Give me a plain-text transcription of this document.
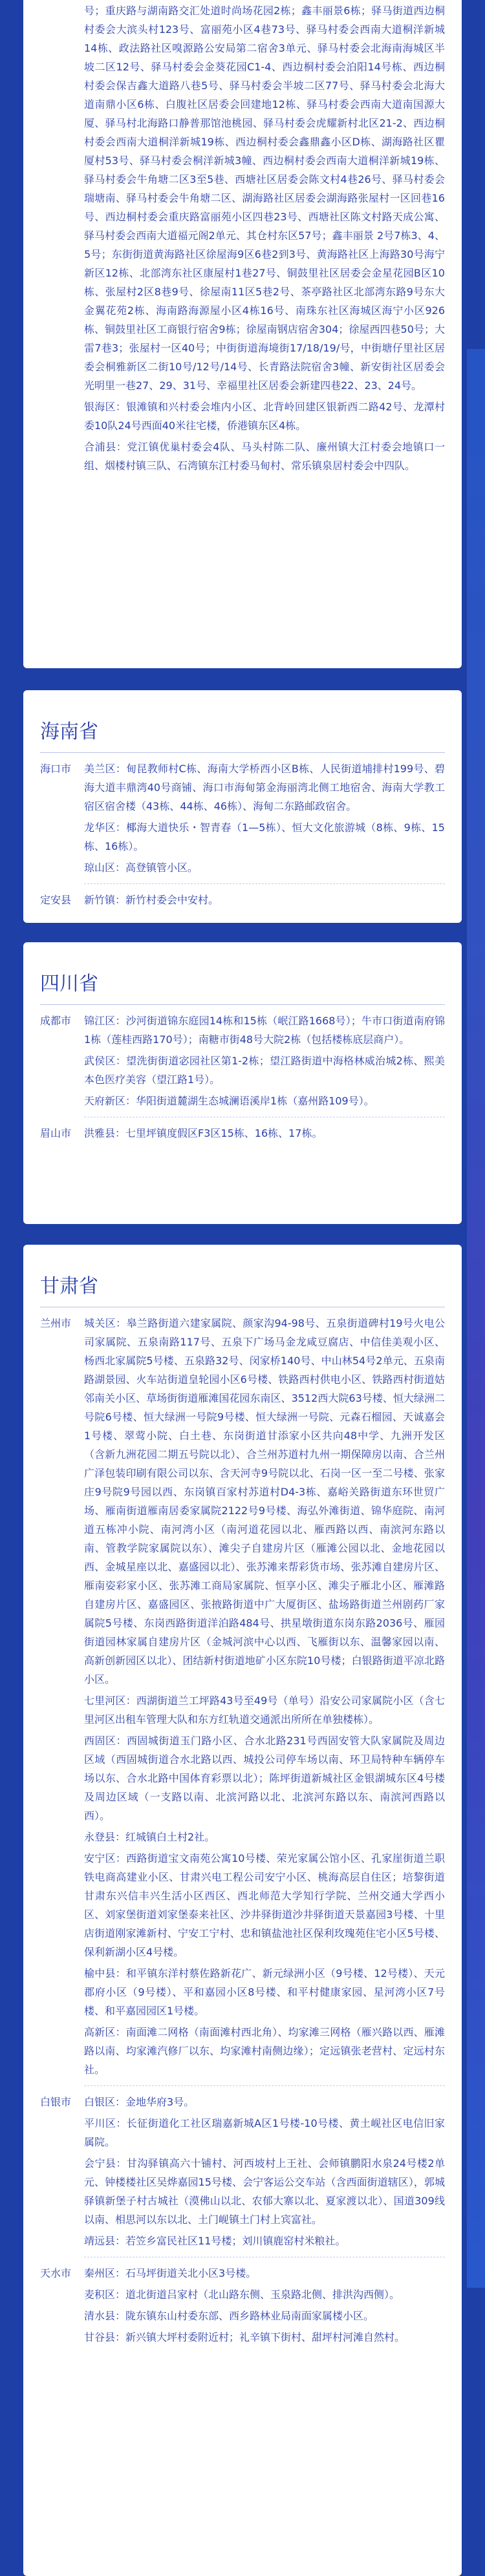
号；重庆路与湖南路交汇处道时尚场花园2栋；鑫丰丽景6栋；驿马街道西边桐村委会大滨头村123号、富丽苑小区4巷73号、驿马村委会西南大道桐洋新城14栋、政法路社区嗅源路公安局第二宿舍3单元、驿马村委会北海南海城区半坡二区12号、驿马村委会金葵花园C1-4、西边桐村委会泊阳14号栋、西边桐村委会保吉鑫大道路八巷5号、驿马村委会半坡二区77号、驿马村委会北海大道南鼎小区6栋、白腹社区居委会回建地12栋、驿马村委会西南大道南国源大厦、驿马村北海路口静普那馆池桃园、驿马村委会虎耀新村北区21-2、西边桐村委会西南大道桐洋新城19栋、西边桐村委会鑫鼎鑫小区D栋、湖海路社区瞿厦村53号、驿马村委会桐洋新城3幢、西边桐村委会西南大道桐洋新城19栋、驿马村委会牛角塘二区3至5巷、西塘社区居委会陈文村4巷26号、驿马村委会瑞塘南、驿马村委会牛角塘二区、湖海路社区居委会湖海路张屋村一区回巷16号、西边桐村委会重庆路富丽苑小区四巷23号、西塘社区陈文村路天成公寓、驿马村委会西南大道福元阁2单元、其仓村东区57号；鑫丰丽景 2号7栋3、4、5号；东街街道黄海路社区徐屋海9区6巷2到3号、黄海路社区上海路30号海宁新区12栋、北部湾东社区康屋村1巷27号、铜鼓里社区居委会金星花园B区10栋、张屋村2区8巷9号、徐屋南11区5巷2号、茶亭路社区北部湾东路9号东大金翼花苑2栋、海南路海源屋小区4栋16号、南珠东社区海城区海宁小区926栋、铜鼓里社区工商银行宿舍9栋；徐屋南钢店宿舍304；徐屋西四巷50号；大雷7巷3；张屋村一区40号；中街街道海境街17/18/19/号，中街塘仔里社区居委会桐雅新区二街10号/12号/14号、长青路法院宿舍3幢、新安街社区居委会光明里一巷27、29、31号、幸福里社区居委会新建四巷22、23、24号。
银海区：银滩镇和兴村委会堆内小区、北背岭回建区银新西二路42号、龙潭村委10队24号西面40米往宅楼，侨港镇东区4栋。
合浦县：党江镇优巢村委会4队、马头村陈二队、廉州镇大江村委会地镇口一组、烟楼村镇三队、石湾镇东江村委马甸村、常乐镇泉居村委会中四队。
海南省
海口市	美兰区：甸昆教师村C栋、海南大学桥西小区B栋、人民街道埔排村199号、碧海大道丰鼎湾40号商铺、海口市海甸第金海丽湾北侧工地宿舍、海南大学教工宿区宿舍楼（43栋、44栋、46栋）、海甸二东路邮政宿舍。
龙华区：椰海大道快乐・智青春（1—5栋）、恒大文化旅游城（8栋、9栋、15栋、16栋）。
琼山区：高登镇管小区。
定安县	新竹镇：新竹村委会中安村。
四川省
成都市	锦江区：沙河街道锦东庭园14栋和15栋（岷江路1668号）；牛市口街道南府锦1栋（莲桂西路170号）；南糖市街48号大院2栋（包括楼栋底层商户）。
武侯区：望洗街街道宓园社区第1-2栋；望江路街道中海格林威治城2栋、熙美本色医疗美容（望江路1号）。
天府新区：华阳街道麓湖生态城澜语溪岸1栋（嘉州路109号）。
眉山市	洪雅县：七里坪镇度假区F3区15栋、16栋、17栋。
甘肃省
兰州市	城关区：皋兰路街道六建家属院、颜家沟94-98号、五泉街道碑村19号火电公司家属院、五泉南路117号、五泉下广场马金龙咸豆腐店、中信佳美观小区、杨西北家属院5号楼、五泉路32号、闵家桥140号、中山林54号2单元、五泉南路湖景园、火车站街道皇轮园小区6号楼、铁路西村供电小区、铁路西村街道姑邻南关小区、草场街街道雁滩国花园东南区、3512西大院63号楼、恒大绿洲二号院6号楼、恒大绿洲一号院9号楼、恒大绿洲一号院、元森石榴园、天诚嘉会1号楼、翠莺小院、白土巷、东岗街道甘添家小区共向48中学、九洲开发区（含新九洲花园二期五号院以北）、合兰州苏道村九州一期保障房以南、合兰州广泽包装印刷有限公司以东、含天河寺9号院以北、石岗一区一至二号楼、张家庄9号院9号园以西、东岗镇百家村苏道村D4-3栋、嘉峪关路街道东环世贸广场、雁南街道雁南居委家属院2122号9号楼、海弘外滩街道、锦华庭院、南河道五栋冲小院、南河湾小区（南河道花园以北、雁西路以西、南滨河东路以南、管教学院家属院以东）、滩尖子自建房片区（雁滩公园以北、金地花园以西、金城星座以北、嘉盛园以北）、张苏滩来帮彩货市场、张苏滩自建房片区、雁南姿彩家小区、张苏滩工商局家属院、恒享小区、滩尖子雁北小区、雁滩路自建房片区、嘉盛园区、张掖路街道中广大厦街区、盐场路街道兰州剧药厂家属院5号楼、东岗西路街道洋泊路484号、拱星墩街道东岗东路2036号、雁园街道园林家属自建房片区（金城河滨中心以西、飞雁街以东、温馨家园以南、高新创新园区以北）、团结新村街道地矿小区东院10号楼；白银路街道平凉北路小区。
七里河区：西湖街道兰工坪路43号至49号（单号）沿安公司家属院小区（含七里河区出租车管理大队和东方红轨道交通派出所所在单独楼栋）。
西固区：西固城街道玉门路小区、合水北路231号西固安管大队家属院及周边区域（西固城街道合水北路以西、城投公司停车场以南、环卫局特种车辆停车场以东、合水北路中国体育彩票以北）；陈坪街道新城社区金银湖城东区4号楼及周边区域（一支路以南、北滨河路以北、北滨河东路以东、南滨河西路以西）。
永登县：红城镇白土村2社。
安宁区：西路街道宝文南苑公寓10号楼、荣光家属公馆小区、孔家崖街道兰职铁电商高建业小区、甘肃兴电工程公司安宁小区、桃海高层自住区；培黎街道甘肃东兴信丰兴生活小区西区、西北师范大学知行学院、兰州交通大学西小区、刘家堡街道刘家堡泰来社区、沙井驿街道沙井驿街道天景嘉园3号楼、十里店街道刚家滩新村、宁安工宁村、忠和镇盐池社区保利玫瑰苑住宅小区5号楼、保利新湖小区4号楼。
榆中县：和平镇东洋村蔡佐路新花广、新元绿洲小区（9号楼、12号楼）、天元郡府小区（9号楼）、平和嘉园小区8号楼、和平村健康家园、星河湾小区7号楼、和平嘉园园区1号楼。
高新区：南面滩二网格（南面滩村西北角）、均家滩三网格（雁兴路以西、雁滩路以南、均家滩汽修厂以东、均家滩村南侧边缘）；定远镇张老营村、定远村东社。
白银市	白银区：金地华府3号。
平川区：长征街道化工社区瑞嘉新城A区1号楼-10号楼、黄土岘社区电信旧家属院。
会宁县：甘沟驿镇高六十铺村、河西坡村上王社、会师镇鹏阳水泉24号楼2单元、钟楼楼社区吴烨嘉园15号楼、会宁客运公交车站（含西面街道辖区），郭城驿镇新堡子村古城社（漠佛山以北、农郁大寨以北、夏家渡以北）、国道309线以南、相思河以东以北、土门岘镇土门村上宾富社。
靖远县：若笠乡富民社区11号楼；刘川镇鹿窑村米粮社。
天水市	秦州区：石马坪街道关北小区3号楼。
麦积区：道北街道吕家村（北山路东侧、玉泉路北侧、排洪沟西侧）。
清水县：陇东镇东山村委东部、西乡路林业局南面家属楼小区。
甘谷县：新兴镇大坪村委附近村；礼辛镇下街村、甜坪村河滩自然村。
